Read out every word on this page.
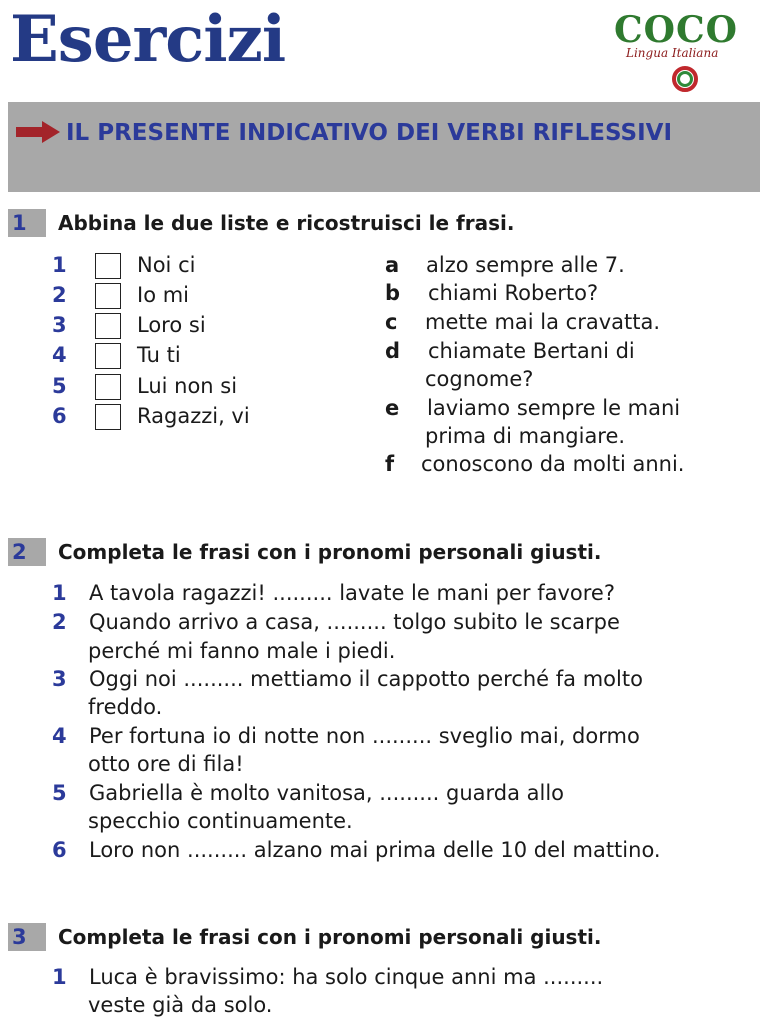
Esercizi	COCO
Lingua Italiana
IL PRESENTE INDICATIVO DEI VERBI RIFLESSIVI
1	Abbina le due liste e ricostruisci le frasi.
1	Noi ci
2	Io mi
3	Loro si
4	Tu ti
5	Lui non si
6	Ragazzi, vi
a alzo sempre alle 7.
b chiami Roberto?
c mette mai la cravatta.
d chiamate Bertani di
cognome?
e laviamo sempre le mani
prima di mangiare.
f conoscono da molti anni.
2	Completa le frasi con i pronomi personali giusti.
1 A tavola ragazzi! ......... lavate le mani per favore?
2 Quando arrivo a casa, ......... tolgo subito le scarpe
perché mi fanno male i piedi.
3 Oggi noi ......... mettiamo il cappotto perché fa molto
freddo.
4 Per fortuna io di notte non ......... sveglio mai, dormo
otto ore di fila!
5 Gabriella è molto vanitosa, ......... guarda allo
specchio continuamente.
6 Loro non ......... alzano mai prima delle 10 del mattino.
3	Completa le frasi con i pronomi personali giusti.
1 Luca è bravissimo: ha solo cinque anni ma .........
veste già da solo.
